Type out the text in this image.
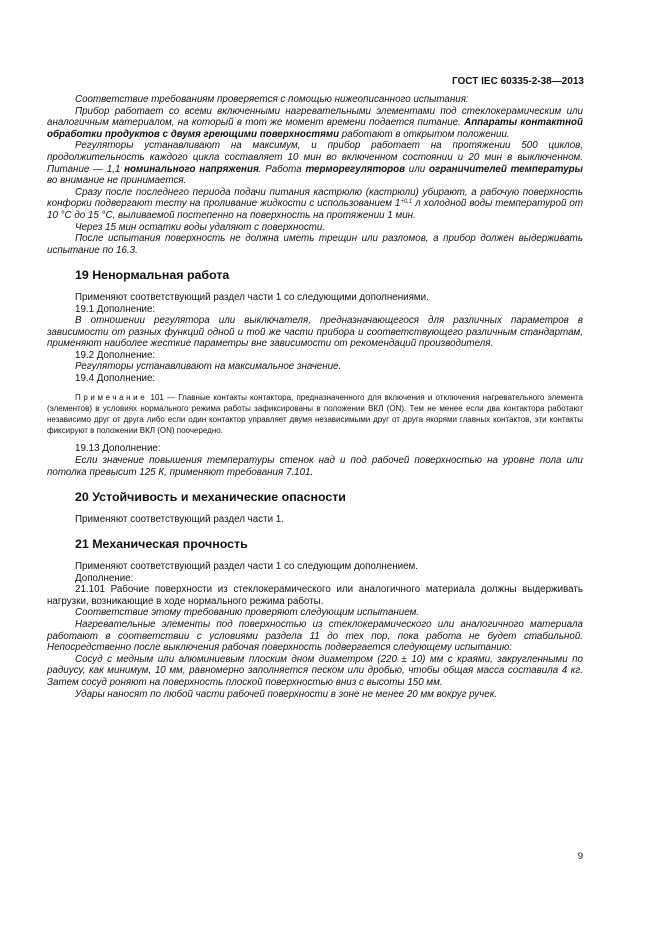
ГОСТ IEC 60335-2-38—2013

Соответствие требованиям проверяется с помощью нижеописанного испытания:

Прибор работает со всеми включенными нагревательными элементами под стеклокерамическим или аналогичным материалом, на который в тот же момент времени подается питание. Аппараты контактной обработки продуктов с двумя греющими поверхностями работают в открытом положении.

Регуляторы устанавливают на максимум, и прибор работает на протяжении 500 циклов, продолжительность каждого цикла составляет 10 мин во включенном состоянии и 20 мин в выключенном. Питание — 1,1 номинального напряжения. Работа терморегуляторов или ограничителей температуры во внимание не принимается.

Сразу после последнего периода подачи питания кастрюлю (кастрюли) убирают, а рабочую поверхность конфорки подвергают тесту на проливание жидкости с использованием $1^{+0,1}$ л холодной воды температурой от 10 °С до 15 °С, выливаемой постепенно на поверхность на протяжении 1 мин.

Через 15 мин остатки воды удаляют с поверхности.

После испытания поверхность не должна иметь трещин или разломов, а прибор должен выдерживать испытание по 16.3.

19 Ненормальная работа

Применяют соответствующий раздел части 1 со следующими дополнениями.

19.1 Дополнение:

В отношении регулятора или выключателя, предназначающегося для различных параметров в зависимости от разных функций одной и той же части прибора и соответствующего различным стандартам, применяют наиболее жесткие параметры вне зависимости от рекомендаций производителя.

19.2 Дополнение:

Регуляторы устанавливают на максимальное значение.

19.4 Дополнение:

Примечание 101 — Главные контакты контактора, предназначенного для включения и отключения нагревательного элемента (элементов) в условиях нормального режима работы зафиксированы в положении ВКЛ (ON). Тем не менее если два контактора работают независимо друг от друга либо если один контактор управляет двумя независимыми друг от друга якорями главных контактов, эти контакты фиксируют в положении ВКЛ (ON) поочередно.

19.13 Дополнение:

Если значение повышения температуры стенок над и под рабочей поверхностью на уровне пола или потолка превысит 125 К, применяют требования 7.101.

20 Устойчивость и механические опасности

Применяют соответствующий раздел части 1.

21 Механическая прочность

Применяют соответствующий раздел части 1 со следующим дополнением.

Дополнение:

21.101 Рабочие поверхности из стеклокерамического или аналогичного материала должны выдерживать нагрузки, возникающие в ходе нормального режима работы.

Соответствие этому требованию проверяют следующим испытанием.

Нагревательные элементы под поверхностью из стеклокерамического или аналогичного материала работают в соответствии с условиями раздела 11 до тех пор, пока работа не будет стабильной. Непосредственно после выключения рабочая поверхность подвергается следующему испытанию:

Сосуд с медным или алюминиевым плоским дном диаметром (220 ± 10) мм с краями, закругленными по радиусу, как минимум, 10 мм, равномерно заполняется песком или дробью, чтобы общая масса составила 4 кг. Затем сосуд роняют на поверхность плоской поверхностью вниз с высоты 150 мм.

Удары наносят по любой части рабочей поверхности в зоне не менее 20 мм вокруг ручек.

9
